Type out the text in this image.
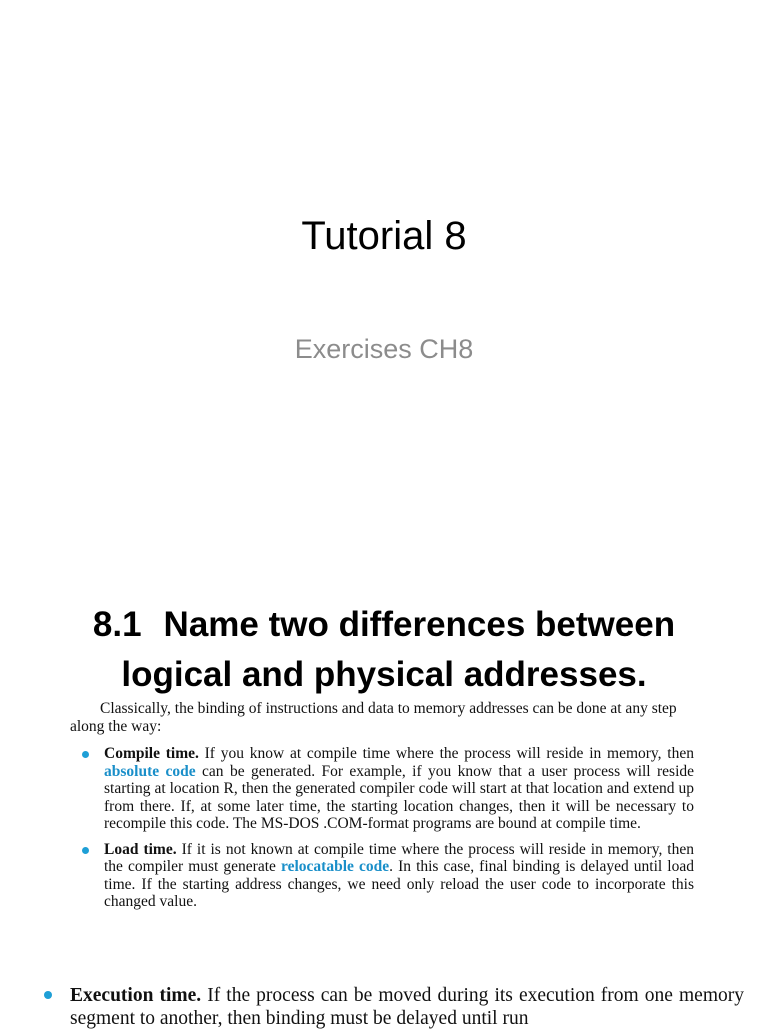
Tutorial 8
Exercises CH8
8.1 Name two differences between logical and physical addresses.

Classically, the binding of instructions and data to memory addresses can be done at any step along the way:

Compile time. If you know at compile time where the process will reside in memory, then absolute code can be generated. For example, if you know that a user process will reside starting at location R, then the generated compiler code will start at that location and extend up from there. If, at some later time, the starting location changes, then it will be necessary to recompile this code. The MS-DOS .COM-format programs are bound at compile time.
Load time. If it is not known at compile time where the process will reside in memory, then the compiler must generate relocatable code. In this case, final binding is delayed until load time. If the starting address changes, we need only reload the user code to incorporate this changed value.

Execution time. If the process can be moved during its execution from one memory segment to another, then binding must be delayed until run
